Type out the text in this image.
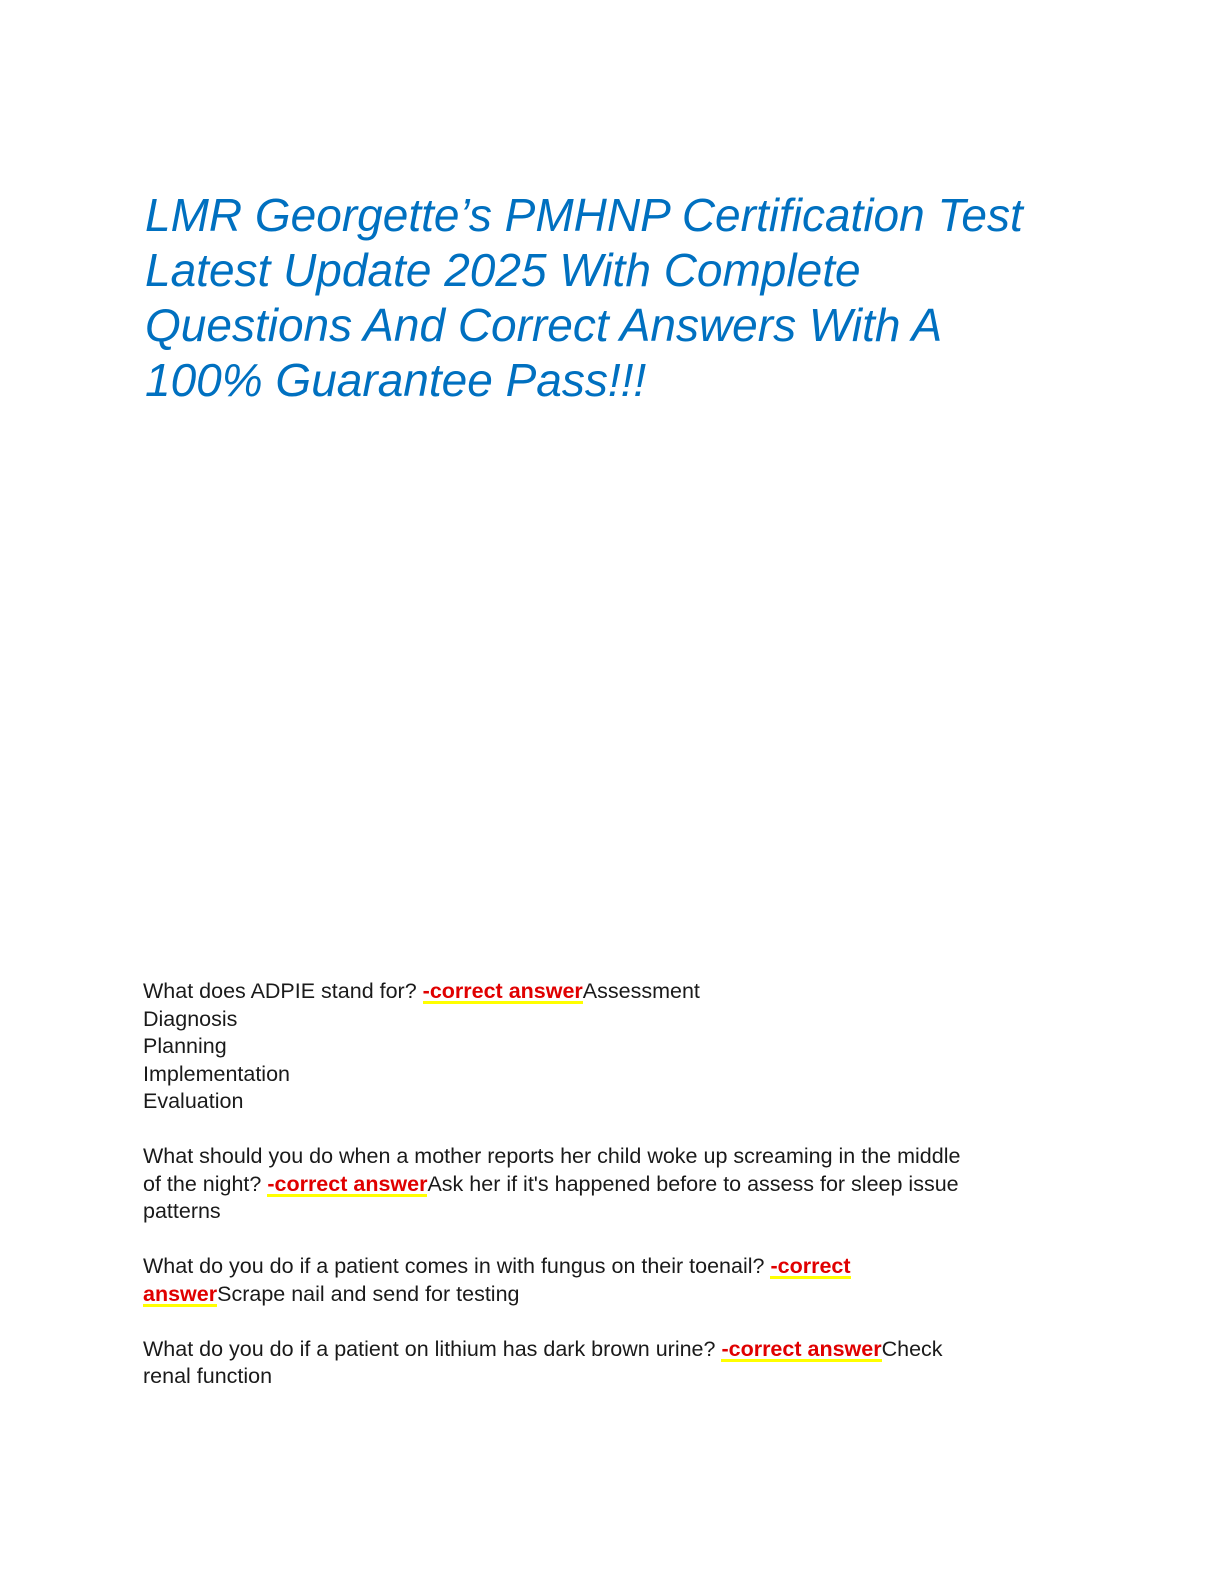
LMR Georgette’s PMHNP Certification Test
Latest Update 2025 With Complete
Questions And Correct Answers With A
100% Guarantee Pass!!!
What does ADPIE stand for? -correct answerAssessment
Diagnosis
Planning
Implementation
Evaluation
What should you do when a mother reports her child woke up screaming in the middle
of the night? -correct answerAsk her if it's happened before to assess for sleep issue
patterns
What do you do if a patient comes in with fungus on their toenail? -correct
answerScrape nail and send for testing
What do you do if a patient on lithium has dark brown urine? -correct answerCheck
renal function
